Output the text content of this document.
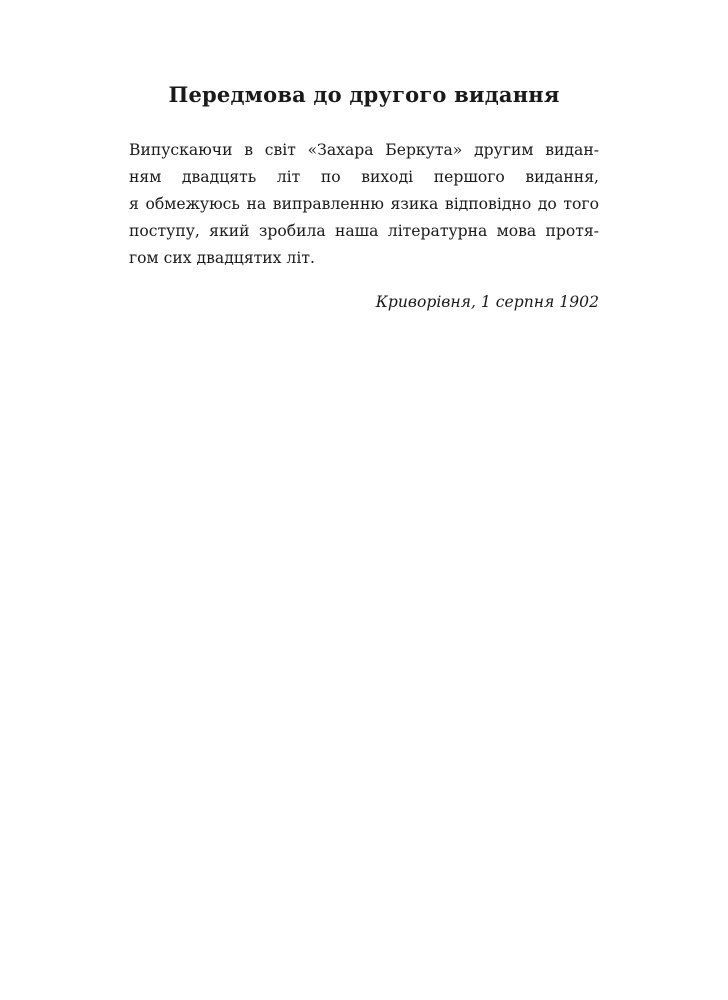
Передмова до другого видання
Випускаючи в світ «Захара Беркута» другим видан-
ням двадцять літ по виході першого видання,
я обмежуюсь на виправленню язика відповідно до того
поступу, який зробила наша літературна мова протя-
гом сих двадцятих літ.
Криворівня, 1 серпня 1902
